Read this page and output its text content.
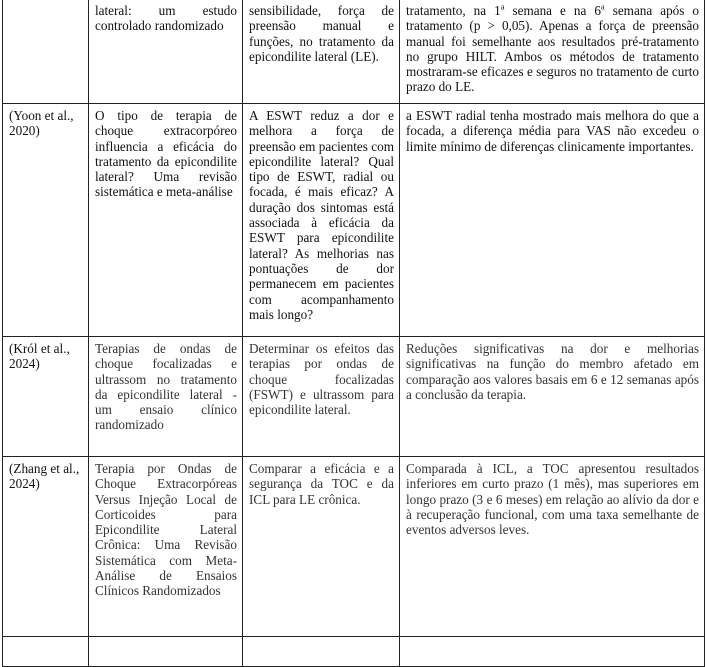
	lateral: um estudo controlado randomizado	sensibilidade, força de preensão manual e funções, no tratamento da epicondilite lateral (LE).	tratamento, na 1$^a$ semana e na 6$^a$ semana após o tratamento (p > 0,05). Apenas a força de preensão manual foi semelhante aos resultados pré-tratamento no grupo HILT. Ambos os métodos de tratamento mostraram-se eficazes e seguros no tratamento de curto prazo do LE.
(Yoon et al., 2020)	O tipo de terapia de choque extracorpóreo influencia a eficácia do tratamento da epicondilite lateral? Uma revisão sistemática e meta-análise	A ESWT reduz a dor e melhora a força de preensão em pacientes com epicondilite lateral? Qual tipo de ESWT, radial ou focada, é mais eficaz? A duração dos sintomas está associada à eficácia da ESWT para epicondilite lateral? As melhorias nas pontuações de dor permanecem em pacientes com acompanhamento mais longo?	a ESWT radial tenha mostrado mais melhora do que a focada, a diferença média para VAS não excedeu o limite mínimo de diferenças clinicamente importantes.
(Król et al., 2024)	Terapias de ondas de choque focalizadas e ultrassom no tratamento da epicondilite lateral - um ensaio clínico randomizado	Determinar os efeitos das terapias por ondas de choque focalizadas (FSWT) e ultrassom para epicondilite lateral.	Reduções significativas na dor e melhorias significativas na função do membro afetado em comparação aos valores basais em 6 e 12 semanas após a conclusão da terapia.
(Zhang et al., 2024)	Terapia por Ondas de Choque Extracorpóreas Versus Injeção Local de Corticoides para Epicondilite Lateral Crônica: Uma Revisão Sistemática com Meta-Análise de Ensaios Clínicos Randomizados	Comparar a eficácia e a segurança da TOC e da ICL para LE crônica.	Comparada à ICL, a TOC apresentou resultados inferiores em curto prazo (1 mês), mas superiores em longo prazo (3 e 6 meses) em relação ao alívio da dor e à recuperação funcional, com uma taxa semelhante de eventos adversos leves.
